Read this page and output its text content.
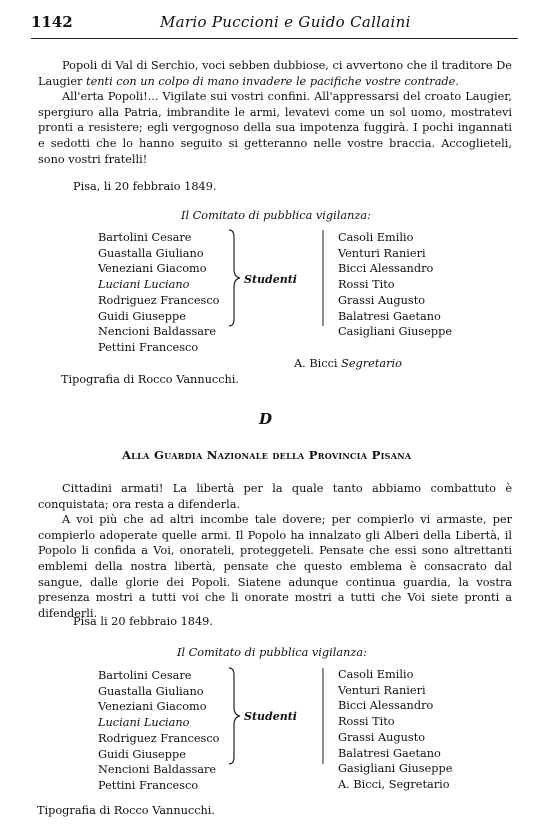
1142	Mario Puccioni e Guido Callaini

Popoli di Val di Serchio, voci sebben dubbiose, ci avvertono che il traditore De Laugier tenti con un colpo di mano invadere le pacifiche vostre contrade.

All'erta Popoli!... Vigilate sui vostri confini. All'appressarsi del croato Laugier, spergiuro alla Patria, imbrandite le armi, levatevi come un sol uomo, mostratevi pronti a resistere; egli vergognoso della sua impotenza fuggirà. I pochi ingannati e sedotti che lo hanno seguito si getteranno nelle vostre braccia. Accoglieteli, sono vostri fratelli!

Pisa, li 20 febbraio 1849.
Il Comitato di pubblica vigilanza:
Bartolini Cesare
Guastalla Giuliano
Veneziani Giacomo
Luciani Luciano
Rodriguez Francesco
Guidi Giuseppe
Nencioni Baldassare
Pettini Francesco
Studenti
Casoli Emilio
Venturi Ranieri
Bicci Alessandro
Rossi Tito
Grassi Augusto
Balatresi Gaetano
Casigliani Giuseppe
A. Bicci Segretario
Tipografia di Rocco Vannucchi.
D
Alla Guardia Nazionale della Provincia Pisana

Cittadini armati! La libertà per la quale tanto abbiamo combattuto è conquistata; ora resta a difenderla.

A voi più che ad altri incombe tale dovere; per compierlo vi armaste, per compierlo adoperate quelle armi. Il Popolo ha innalzato gli Alberi della Libertà, il Popolo li confida a Voi, onorateli, proteggeteli. Pensate che essi sono altrettanti emblemi della nostra libertà, pensate che questo emblema è consacrato dal sangue, dalle glorie dei Popoli. Siatene adunque continua guardia, la vostra presenza mostri a tutti voi che li onorate mostri a tutti che Voi siete pronti a difenderli.

Pisa li 20 febbraio 1849.
Il Comitato di pubblica vigilanza:
Bartolini Cesare
Guastalla Giuliano
Veneziani Giacomo
Luciani Luciano
Rodriguez Francesco
Guidi Giuseppe
Nencioni Baldassare
Pettini Francesco
Studenti
Casoli Emilio
Venturi Ranieri
Bicci Alessandro
Rossi Tito
Grassi Augusto
Balatresi Gaetano
Gasigliani Giuseppe
A. Bicci, Segretario
Tipografia di Rocco Vannucchi.
